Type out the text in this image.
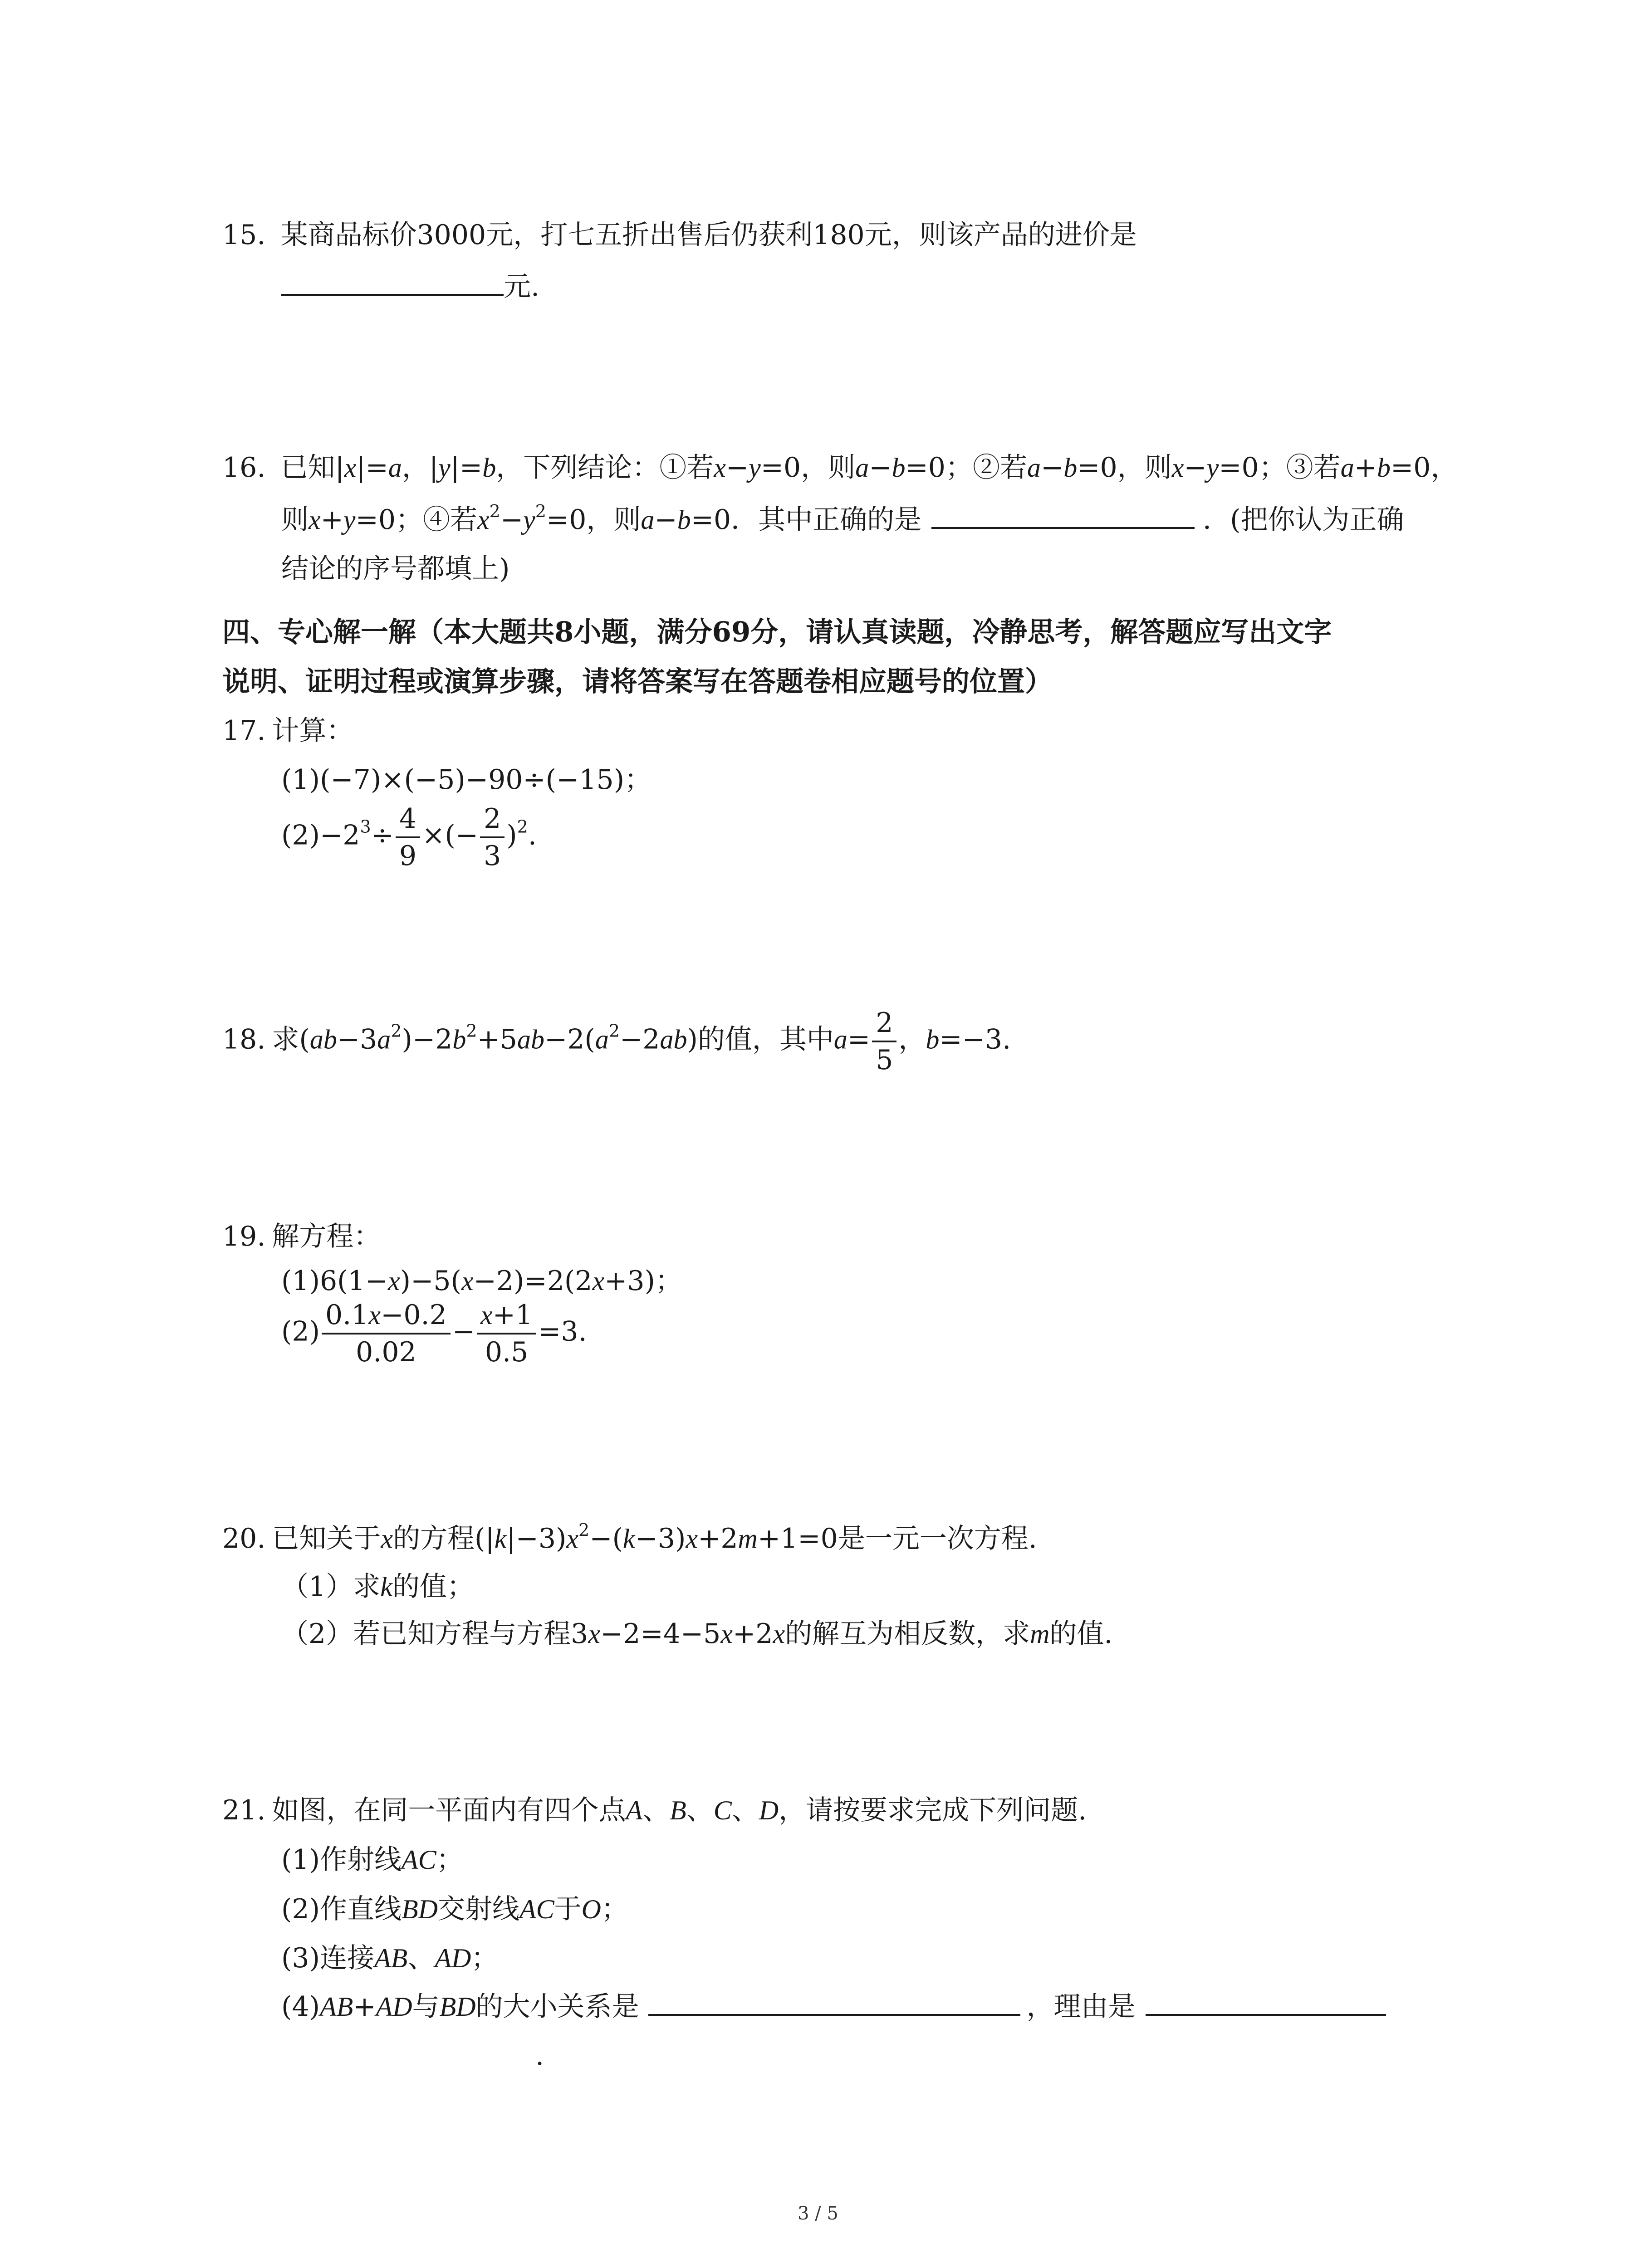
15. 某商品标价3000元，打七五折出售后仍获利180元，则该产品的进价是
元.
16. 已知|x|=a，|y|=b，下列结论：①若x−y=0，则a−b=0；②若a−b=0，则x−y=0；③若a+b=0，
则x+y=0；④若$x^2-y^2=0$，则a−b=0．其中正确的是	．(把你认为正确
结论的序号都填上)
四、专心解一解（本大题共8小题，满分69分，请认真读题，冷静思考，解答题应写出文字
说明、证明过程或演算步骤，请将答案写在答题卷相应题号的位置）
17. 计算：
(1)(−7)×(−5)−90÷(−15)；
$(2)-2^3\div \frac{4}{9}$ ×(− $\frac{2}{3} )^2$.
18. 求$(ab-3a^2)-2b^2+5ab-2(a^2-2ab)$的值，其中$a= \frac{2}{5}$ ，b=−3.
19. 解方程：
(1)6(1−x)−5(x−2)=2(2x+3)；
$(2) \frac{0.1x-0.2}{0.02} - \frac{x+1}{0.5} =3$.
20. 已知关于x的方程$(|k|-3)x^2-(k-3)x+2m+1=0$是一元一次方程.
（1）求k的值；
（2）若已知方程与方程3x−2=4−5x+2x的解互为相反数，求m的值.
21. 如图，在同一平面内有四个点A、B、C、D，请按要求完成下列问题.
(1)作射线AC；
(2)作直线BD交射线AC于O；
(3)连接AB、AD；
(4)AB+AD与BD的大小关系是	，理由是
.
3 / 5
